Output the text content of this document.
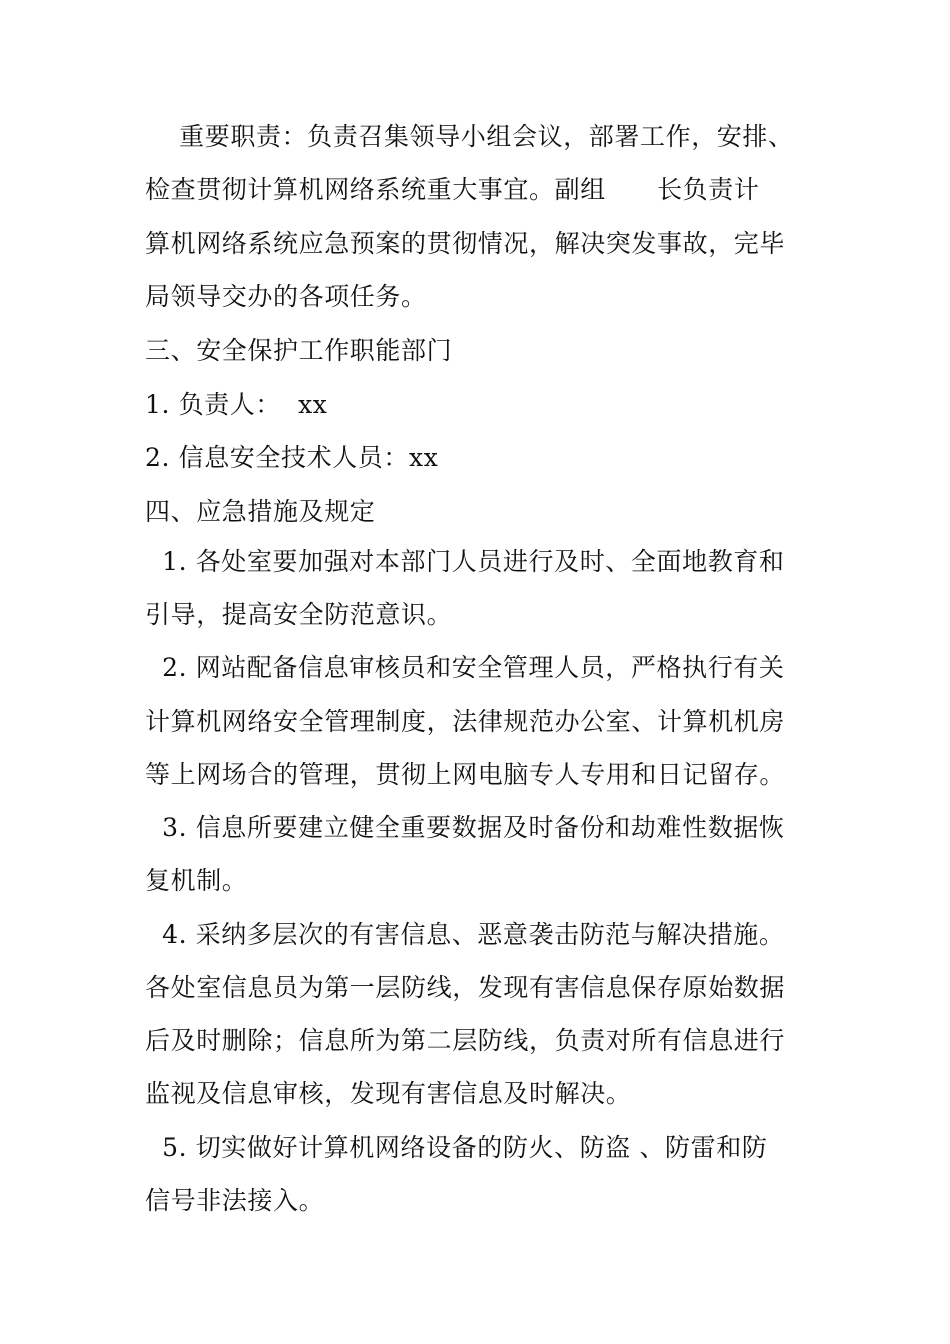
重要职责：负责召集领导小组会议，部署工作，安排、
检查贯彻计算机网络系统重大事宜。副组      长负责计
算机网络系统应急预案的贯彻情况，解决突发事故，完毕
局领导交办的各项任务。
三、安全保护工作职能部门
1. 负责人：  xx
2. 信息安全技术人员：xx
四、应急措施及规定
1. 各处室要加强对本部门人员进行及时、全面地教育和
引导，提高安全防范意识。
2. 网站配备信息审核员和安全管理人员，严格执行有关
计算机网络安全管理制度，法律规范办公室、计算机机房
等上网场合的管理，贯彻上网电脑专人专用和日记留存。
3. 信息所要建立健全重要数据及时备份和劫难性数据恢
复机制。
4. 采纳多层次的有害信息、恶意袭击防范与解决措施。
各处室信息员为第一层防线，发现有害信息保存原始数据
后及时删除；信息所为第二层防线，负责对所有信息进行
监视及信息审核，发现有害信息及时解决。
5. 切实做好计算机网络设备的防火、防盗 、防雷和防
信号非法接入。
